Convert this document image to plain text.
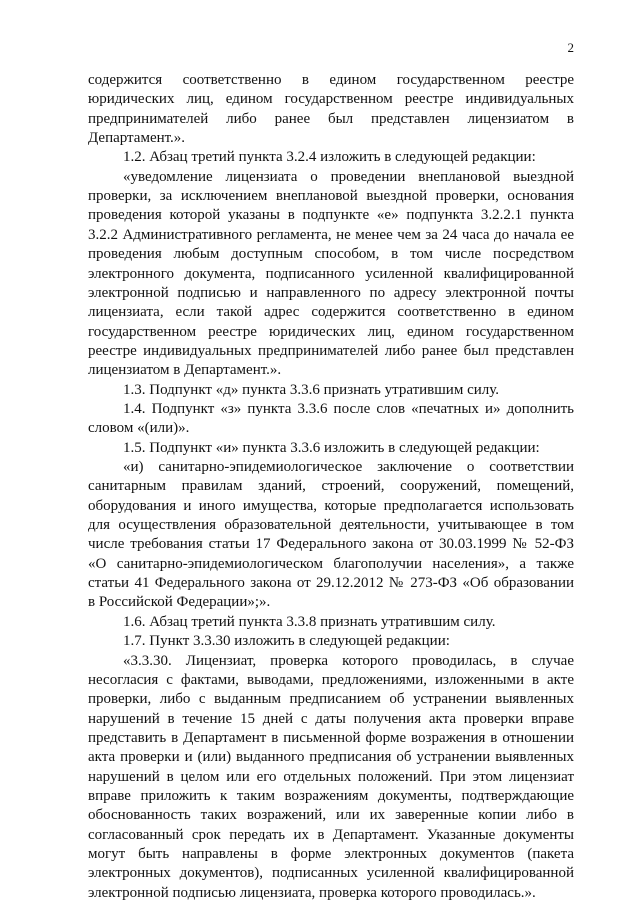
2
содержится соответственно в едином государственном реестре
юридических лиц, едином государственном реестре индивидуальных
предпринимателей либо ранее был представлен лицензиатом в
Департамент.».
1.2. Абзац третий пункта 3.2.4 изложить в следующей редакции:
«уведомление лицензиата о проведении внеплановой выездной
проверки, за исключением внеплановой выездной проверки, основания
проведения которой указаны в подпункте «е» подпункта 3.2.2.1 пункта
3.2.2 Административного регламента, не менее чем за 24 часа до начала ее
проведения любым доступным способом, в том числе посредством
электронного документа, подписанного усиленной квалифицированной
электронной подписью и направленного по адресу электронной почты
лицензиата, если такой адрес содержится соответственно в едином
государственном реестре юридических лиц, едином государственном
реестре индивидуальных предпринимателей либо ранее был представлен
лицензиатом в Департамент.».
1.3. Подпункт «д» пункта 3.3.6 признать утратившим силу.
1.4. Подпункт «з» пункта 3.3.6 после слов «печатных и» дополнить
словом «(или)».
1.5. Подпункт «и» пункта 3.3.6 изложить в следующей редакции:
«и) санитарно-эпидемиологическое заключение о соответствии
санитарным правилам зданий, строений, сооружений, помещений,
оборудования и иного имущества, которые предполагается использовать
для осуществления образовательной деятельности, учитывающее в том
числе требования статьи 17 Федерального закона от 30.03.1999 № 52-ФЗ
«О санитарно-эпидемиологическом благополучии населения», а также
статьи 41 Федерального закона от 29.12.2012 № 273-ФЗ «Об образовании
в Российской Федерации»;».
1.6. Абзац третий пункта 3.3.8 признать утратившим силу.
1.7. Пункт 3.3.30 изложить в следующей редакции:
«3.3.30. Лицензиат, проверка которого проводилась, в случае
несогласия с фактами, выводами, предложениями, изложенными в акте
проверки, либо с выданным предписанием об устранении выявленных
нарушений в течение 15 дней с даты получения акта проверки вправе
представить в Департамент в письменной форме возражения в отношении
акта проверки и (или) выданного предписания об устранении выявленных
нарушений в целом или его отдельных положений. При этом лицензиат
вправе приложить к таким возражениям документы, подтверждающие
обоснованность таких возражений, или их заверенные копии либо в
согласованный срок передать их в Департамент. Указанные документы
могут быть направлены в форме электронных документов (пакета
электронных документов), подписанных усиленной квалифицированной
электронной подписью лицензиата, проверка которого проводилась.».
